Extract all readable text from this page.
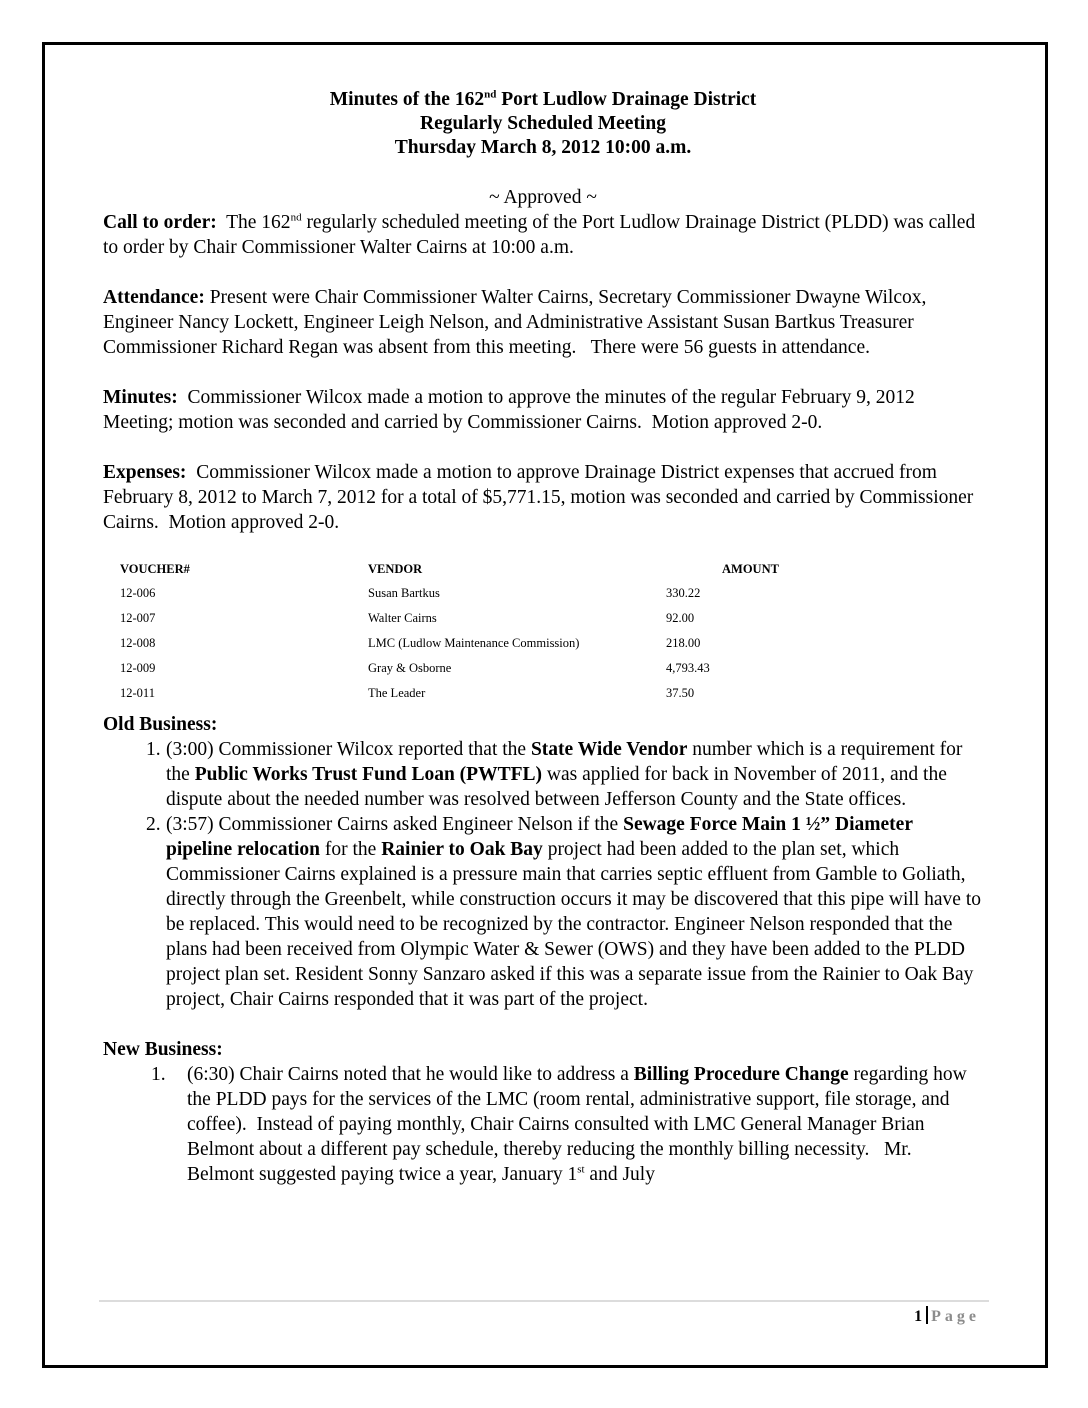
Minutes of the 162nd Port Ludlow Drainage District
Regularly Scheduled Meeting
Thursday March 8, 2012 10:00 a.m.
~ Approved ~

Call to order:  The 162nd regularly scheduled meeting of the Port Ludlow Drainage District (PLDD) was called to order by Chair Commissioner Walter Cairns at 10:00 a.m.

Attendance: Present were Chair Commissioner Walter Cairns, Secretary Commissioner Dwayne Wilcox, Engineer Nancy Lockett, Engineer Leigh Nelson, and Administrative Assistant Susan Bartkus Treasurer Commissioner Richard Regan was absent from this meeting.   There were 56 guests in attendance.

Minutes:  Commissioner Wilcox made a motion to approve the minutes of the regular February 9, 2012 Meeting; motion was seconded and carried by Commissioner Cairns.  Motion approved 2-0.

Expenses:  Commissioner Wilcox made a motion to approve Drainage District expenses that accrued from February 8, 2012 to March 7, 2012 for a total of $5,771.15, motion was seconded and carried by Commissioner Cairns.  Motion approved 2-0.

VOUCHER#	VENDOR	AMOUNT
12-006	Susan Bartkus	330.22
12-007	Walter Cairns	92.00
12-008	LMC (Ludlow Maintenance Commission)	218.00
12-009	Gray & Osborne	4,793.43
12-011	The Leader	37.50
Old Business:
1. (3:00) Commissioner Wilcox reported that the State Wide Vendor number which is a requirement for the Public Works Trust Fund Loan (PWTFL) was applied for back in November of 2011, and the dispute about the needed number was resolved between Jefferson County and the State offices.
2. (3:57) Commissioner Cairns asked Engineer Nelson if the Sewage Force Main 1 ½” Diameter pipeline relocation for the Rainier to Oak Bay project had been added to the plan set, which Commissioner Cairns explained is a pressure main that carries septic effluent from Gamble to Goliath, directly through the Greenbelt, while construction occurs it may be discovered that this pipe will have to be replaced. This would need to be recognized by the contractor. Engineer Nelson responded that the plans had been received from Olympic Water & Sewer (OWS) and they have been added to the PLDD project plan set. Resident Sonny Sanzaro asked if this was a separate issue from the Rainier to Oak Bay project, Chair Cairns responded that it was part of the project.
New Business:
1. (6:30) Chair Cairns noted that he would like to address a Billing Procedure Change regarding how the PLDD pays for the services of the LMC (room rental, administrative support, file storage, and coffee).  Instead of paying monthly, Chair Cairns consulted with LMC General Manager Brian Belmont about a different pay schedule, thereby reducing the monthly billing necessity.   Mr. Belmont suggested paying twice a year, January 1st and July
1 Page
